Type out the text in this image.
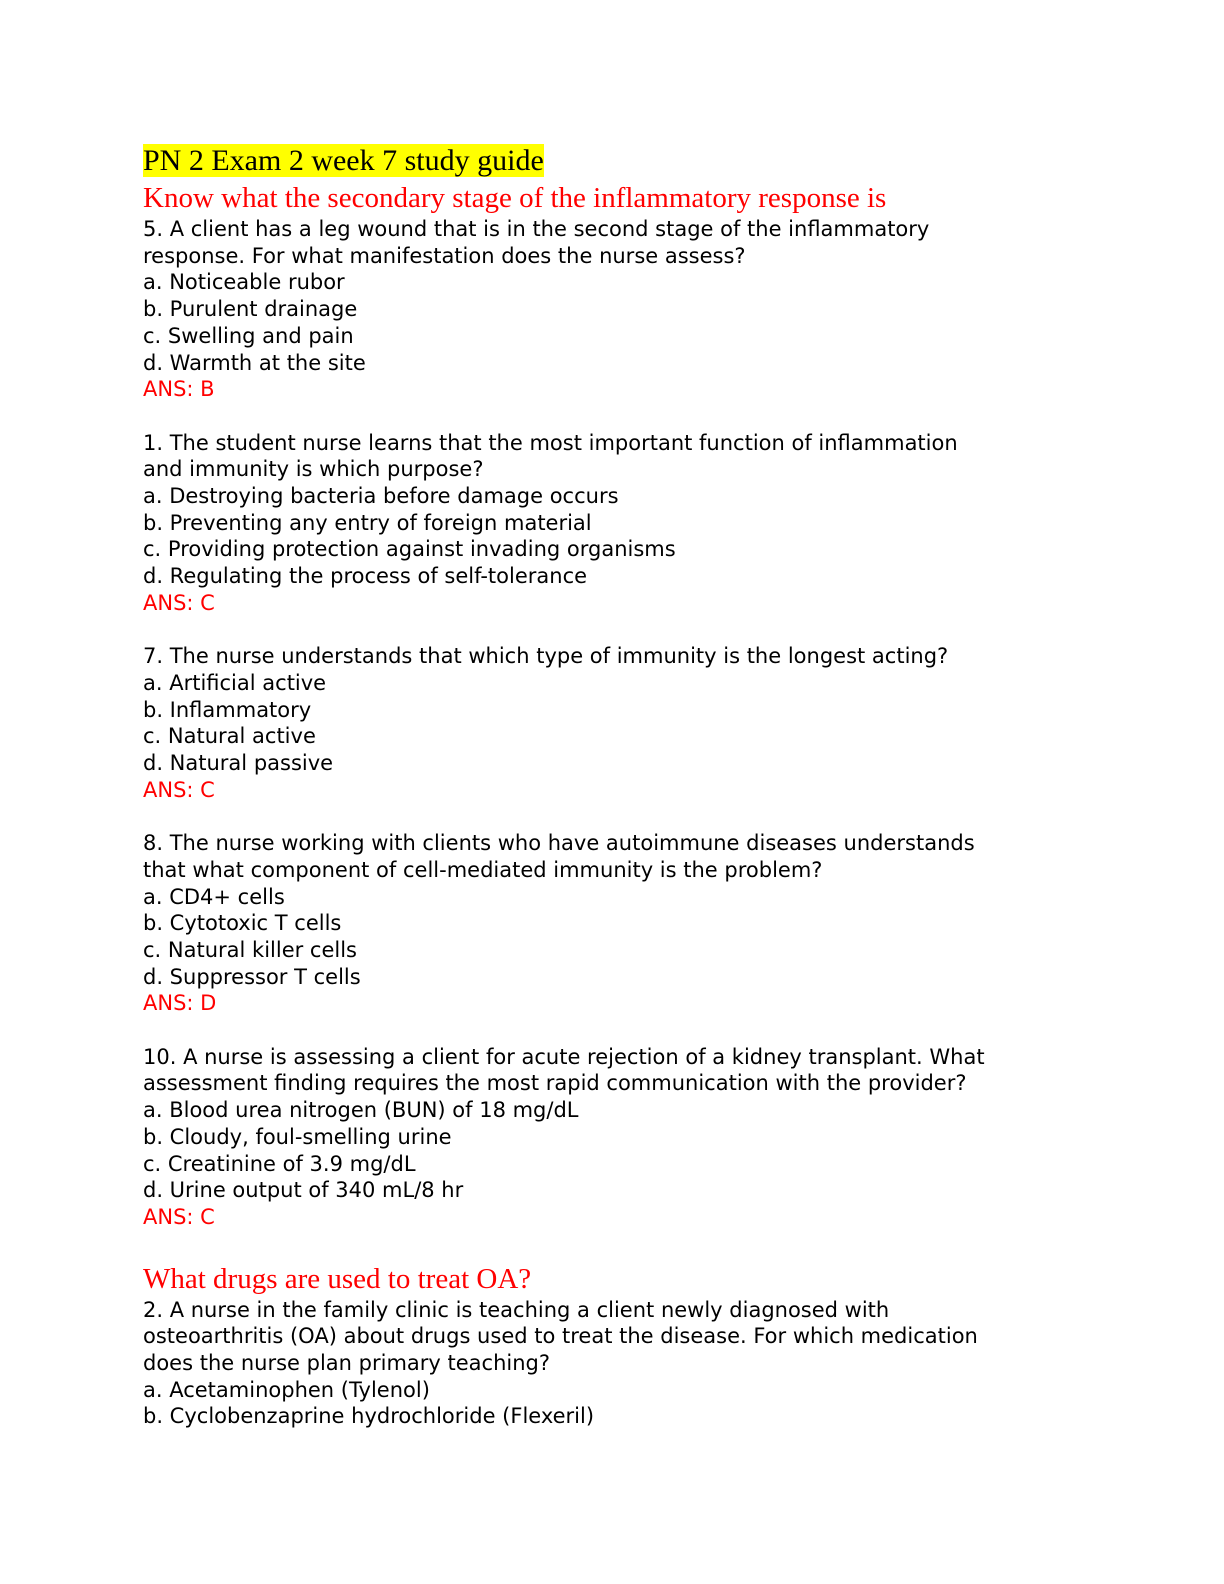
PN 2 Exam 2 week 7 study guide

Know what the secondary stage of the inflammatory response is

5. A client has a leg wound that is in the second stage of the inflammatory

response. For what manifestation does the nurse assess?

a. Noticeable rubor

b. Purulent drainage

c. Swelling and pain

d. Warmth at the site

ANS: B

1. The student nurse learns that the most important function of inflammation

and immunity is which purpose?

a. Destroying bacteria before damage occurs

b. Preventing any entry of foreign material

c. Providing protection against invading organisms

d. Regulating the process of self-tolerance

ANS: C

7. The nurse understands that which type of immunity is the longest acting?

a. Artificial active

b. Inflammatory

c. Natural active

d. Natural passive

ANS: C

8. The nurse working with clients who have autoimmune diseases understands

that what component of cell-mediated immunity is the problem?

a. CD4+ cells

b. Cytotoxic T cells

c. Natural killer cells

d. Suppressor T cells

ANS: D

10. A nurse is assessing a client for acute rejection of a kidney transplant. What

assessment finding requires the most rapid communication with the provider?

a. Blood urea nitrogen (BUN) of 18 mg/dL

b. Cloudy, foul-smelling urine

c. Creatinine of 3.9 mg/dL

d. Urine output of 340 mL/8 hr

ANS: C

What drugs are used to treat OA?

2. A nurse in the family clinic is teaching a client newly diagnosed with

osteoarthritis (OA) about drugs used to treat the disease. For which medication

does the nurse plan primary teaching?

a. Acetaminophen (Tylenol)

b. Cyclobenzaprine hydrochloride (Flexeril)
